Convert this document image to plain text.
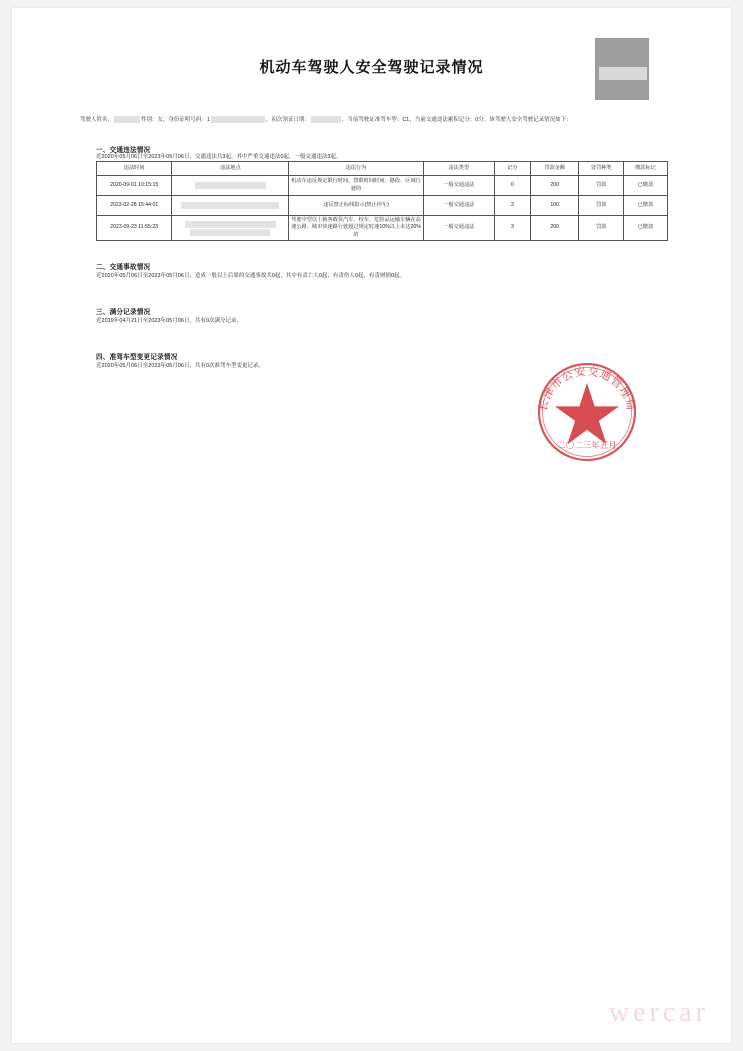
机动车驾驶人安全驾驶记录情况
驾驶人姓名：	性别：女，身份证明号码：1	，初次领证日期：	，当前驾驶证准驾车型：C1，当前交通违法累积记分：0分。该驾驶人安全驾驶记录情况如下：
一、交通违法情况
近2020年05月06日至2023年05月06日，交通违法共3起，其中严重交通违法0起，一般交通违法3起。
违法时间	违法地点	违法行为	违法类型	记分	罚款金额	处罚种类	缴款标记
2020-09-01 10:15:15		机动车违反规定限行时间、禁限时间时间、路段、区域行驶的	一般交通违法	0	200	罚款	已缴款
2023-02-28 15:44:01		违反禁止标线指示(禁止停车)	一般交通违法	3	100	罚款	已缴款
2023-09-23 11:55:23		驾驶中型以上载客载货汽车、校车、危险品运输车辆在高速公路、城市快速路行驶超过规定时速10%以上未达20%的	一般交通违法	3	200	罚款	已缴款
二、交通事故情况
近2020年05月06日至2023年05月06日，造成一般以上后果的交通事故共0起，其中有责亡人0起、有责伤人0起、有责财损0起。
三、满分记录情况
近2019年04月21日至2023年05月06日，共有0次满分记录。
四、准驾车型变更记录情况
近2020年05月06日至2023年05月06日，共有0次准驾车型变更记录。
长津市公安交通管理局
二〇二三年五月
wercar
